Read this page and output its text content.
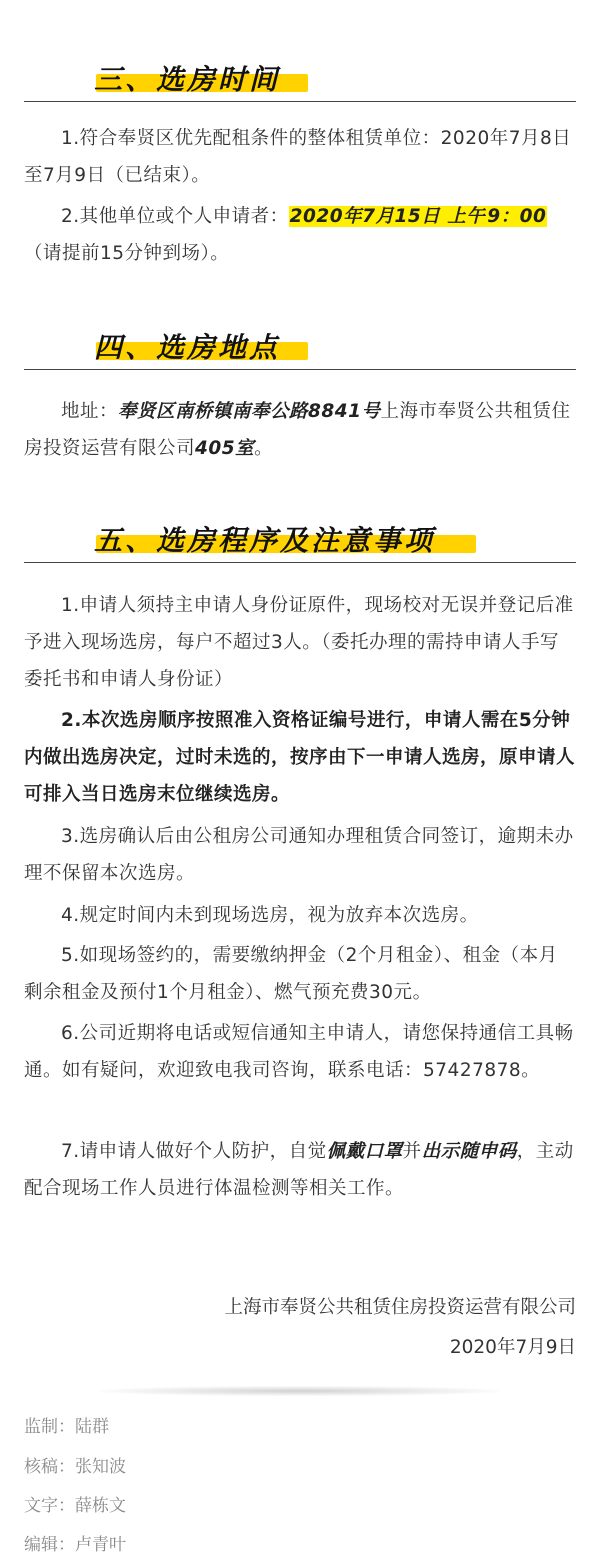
三、选房时间

1.符合奉贤区优先配租条件的整体租赁单位：2020年7月8日至7月9日（已结束）。

2.其他单位或个人申请者：2020年7月15日 上午 9：00（请提前15分钟到场）。

四、选房地点

地址：奉贤区南桥镇南奉公路8841号上海市奉贤公共租赁住房投资运营有限公司405室。

五、选房程序及注意事项

1.申请人须持主申请人身份证原件，现场校对无误并登记后准予进入现场选房，每户不超过3人。（委托办理的需持申请人手写委托书和申请人身份证）

2.本次选房顺序按照准入资格证编号进行，申请人需在5分钟内做出选房决定，过时未选的，按序由下一申请人选房，原申请人可排入当日选房末位继续选房。

3.选房确认后由公租房公司通知办理租赁合同签订，逾期未办理不保留本次选房。

4.规定时间内未到现场选房，视为放弃本次选房。

5.如现场签约的，需要缴纳押金（2个月租金）、租金（本月剩余租金及预付1个月租金）、燃气预充费30元。

6.公司近期将电话或短信通知主申请人，请您保持通信工具畅通。如有疑问，欢迎致电我司咨询，联系电话：57427878。

7.请申请人做好个人防护，自觉佩戴口罩并出示随申码，主动配合现场工作人员进行体温检测等相关工作。

上海市奉贤公共租赁住房投资运营有限公司
2020年7月9日
监制：陆群
核稿：张知波
文字：薛栋文
编辑：卢青叶
